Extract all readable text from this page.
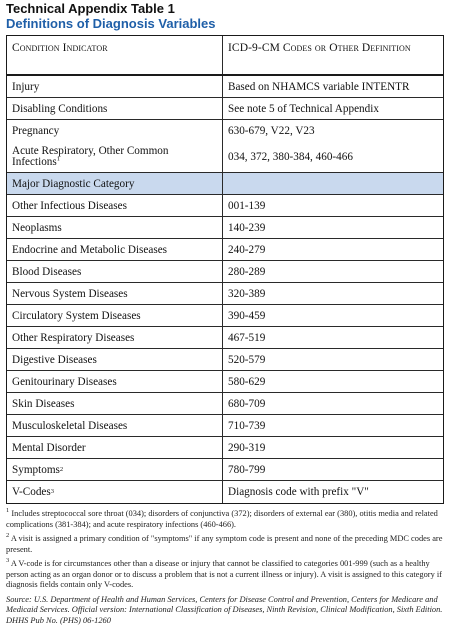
Technical Appendix Table 1
Definitions of Diagnosis Variables
Condition Indicator	ICD-9-CM Codes or Other Definition
Injury	Based on NHAMCS variable INTENTR
Disabling Conditions	See note 5 of Technical Appendix
Pregnancy	630-679, V22, V23
Acute Respiratory, Other Common
Infections$^1$	034, 372, 380-384, 460-466
Major Diagnostic Category
Other Infectious Diseases	001-139
Neoplasms	140-239
Endocrine and Metabolic Diseases	240-279
Blood Diseases	280-289
Nervous System Diseases	320-389
Circulatory System Diseases	390-459
Other Respiratory Diseases	467-519
Digestive Diseases	520-579
Genitourinary Diseases	580-629
Skin Diseases	680-709
Musculoskeletal Diseases	710-739
Mental Disorder	290-319
Symptoms 2	780-799
V-Codes 3	Diagnosis code with prefix "V"
$^1$ Includes streptococcal sore throat (034); disorders of conjunctiva (372); disorders of external ear (380), otitis media and related complications (381-384); and acute respiratory infections (460-466).
$^2$ A visit is assigned a primary condition of "symptoms" if any symptom code is present and none of the preceding MDC codes are present.
$^3$ A V-code is for circumstances other than a disease or injury that cannot be classified to categories 001-999 (such as a healthy person acting as an organ donor or to discuss a problem that is not a current illness or injury). A visit is assigned to this category if diagnosis fields contain only V-codes.
Source: U.S. Department of Health and Human Services, Centers for Disease Control and Prevention, Centers for Medicare and Medicaid Services. Official version: International Classification of Diseases, Ninth Revision, Clinical Modification, Sixth Edition. DHHS Pub No. (PHS) 06-1260
